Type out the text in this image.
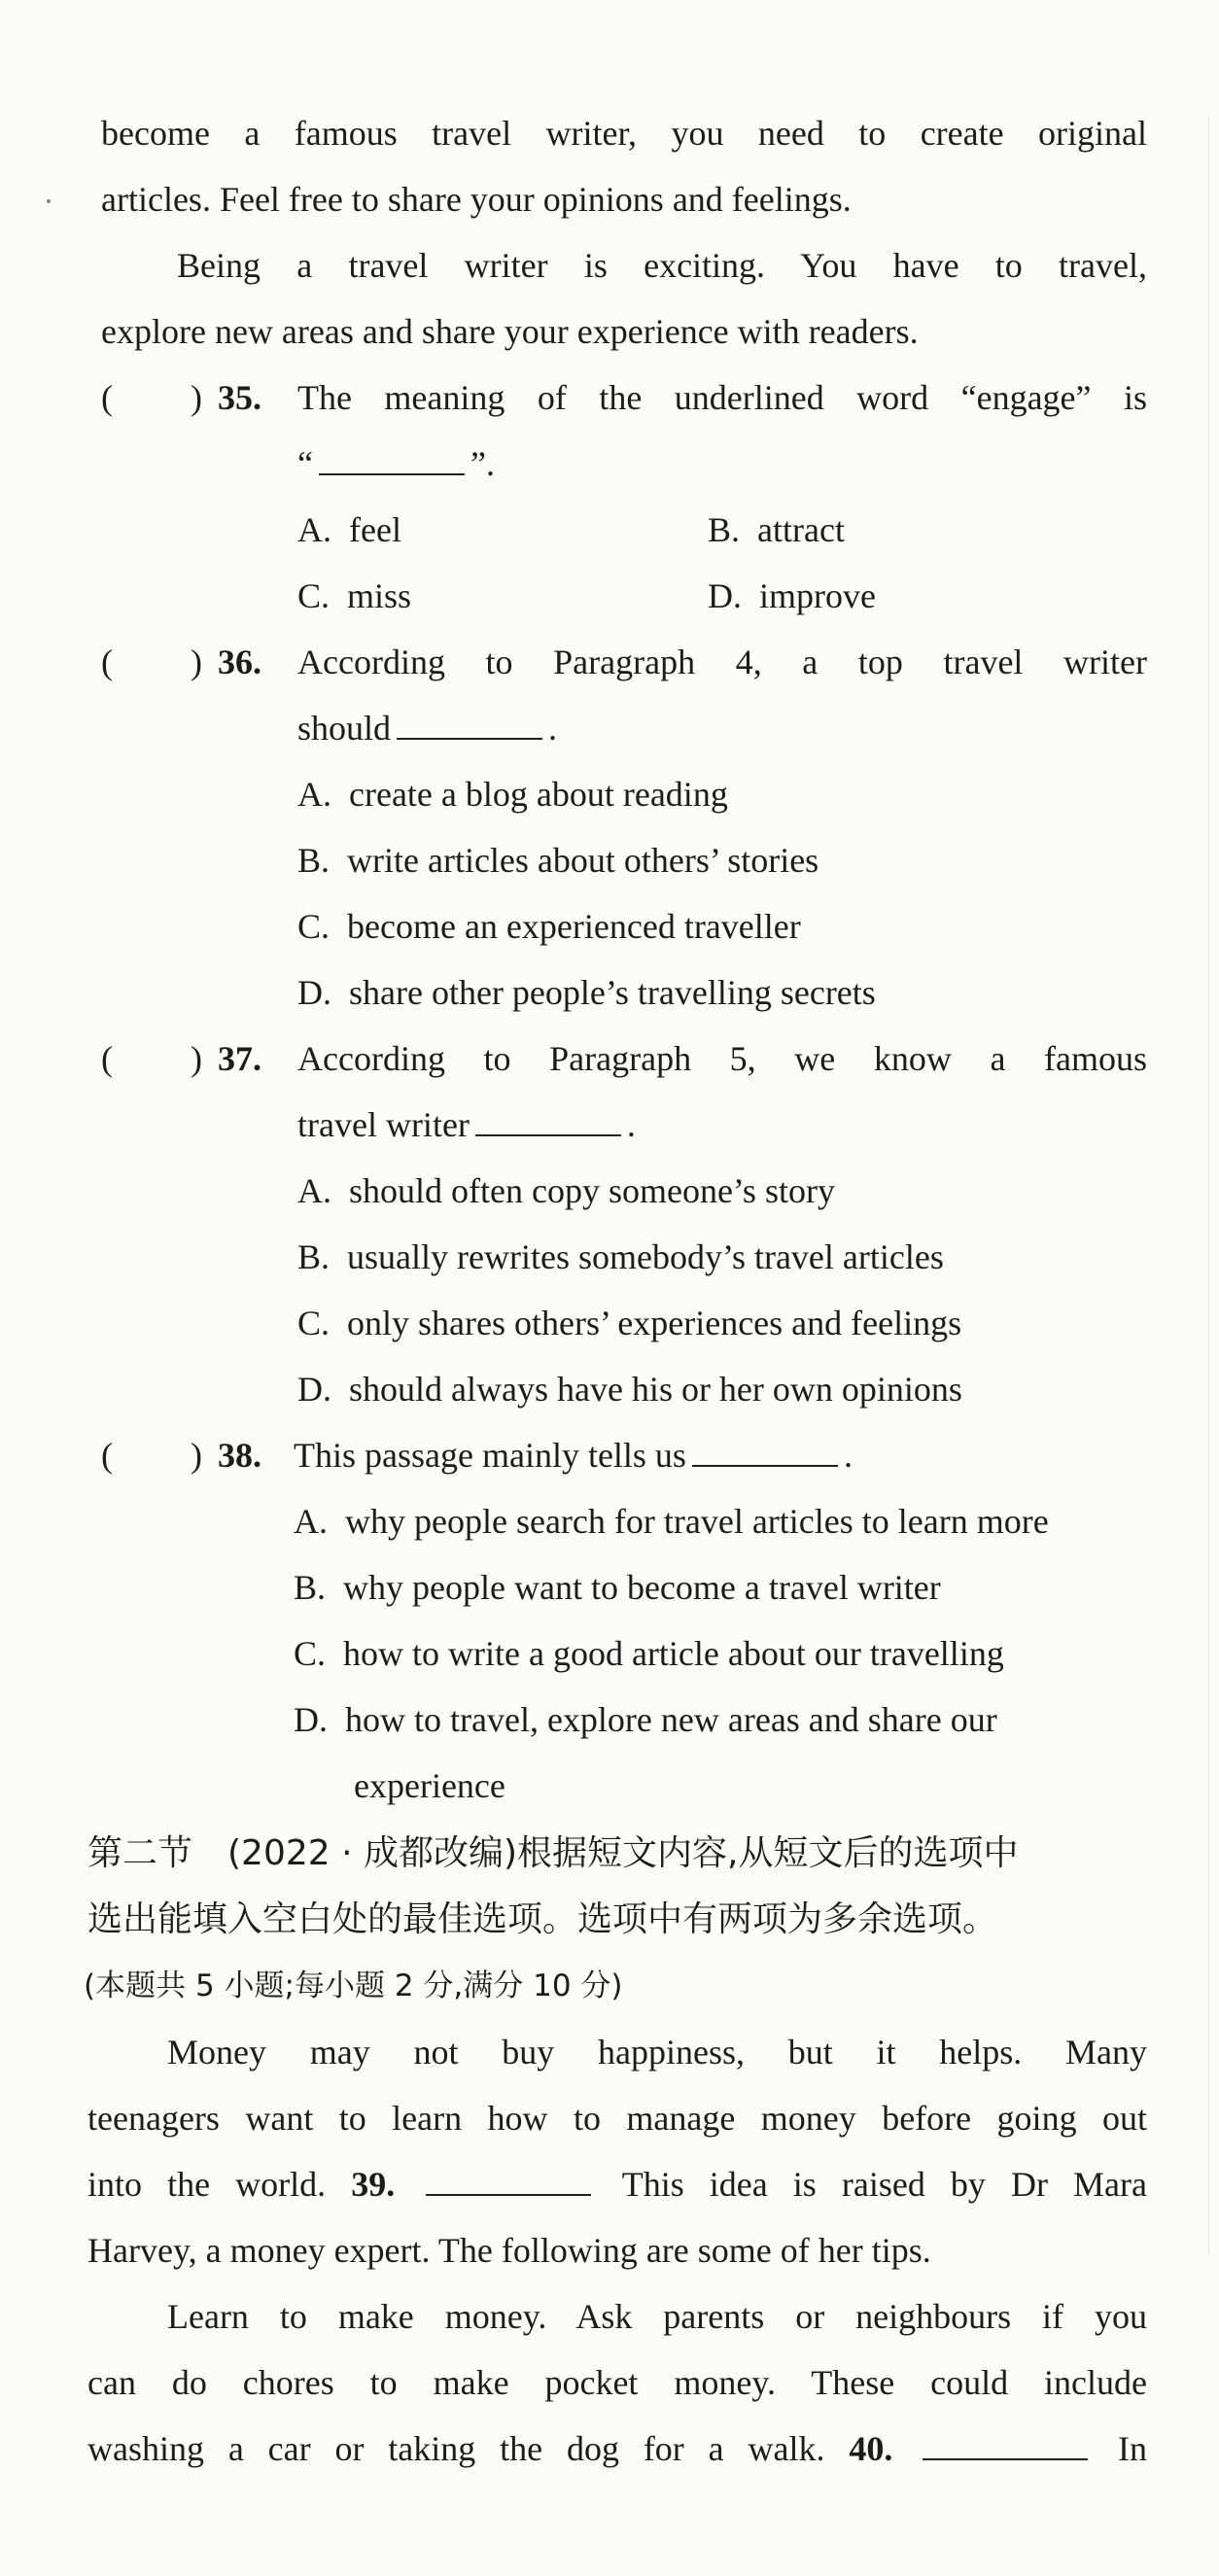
become a famous travel writer, you need to create original
articles. Feel free to share your opinions and feelings.
Being a travel writer is exciting. You have to travel,
explore new areas and share your experience with readers.
( ) 35. The meaning of the underlined word “engage” is
“	”.
A. feel	B. attract
C. miss	D. improve
( ) 36. According to Paragraph 4, a top travel writer
should	.
A. create a blog about reading
B. write articles about others’ stories
C. become an experienced traveller
D. share other people’s travelling secrets
( ) 37. According to Paragraph 5, we know a famous
travel writer	.
A. should often copy someone’s story
B. usually rewrites somebody’s travel articles
C. only shares others’ experiences and feelings
D. should always have his or her own opinions
( ) 38. This passage mainly tells us	.
A. why people search for travel articles to learn more
B. why people want to become a travel writer
C. how to write a good article about our travelling
D. how to travel, explore new areas and share our
experience
第二节　(2022 · 成都改编)根据短文内容,从短文后的选项中
选出能填入空白处的最佳选项。选项中有两项为多余选项。
(本题共 5 小题;每小题 2 分,满分 10 分)
Money may not buy happiness, but it helps. Many
teenagers want to learn how to manage money before going out
into the world. 39.	This idea is raised by Dr Mara
Harvey, a money expert. The following are some of her tips.
Learn to make money. Ask parents or neighbours if you
can do chores to make pocket money. These could include
washing a car or taking the dog for a walk. 40.	In
